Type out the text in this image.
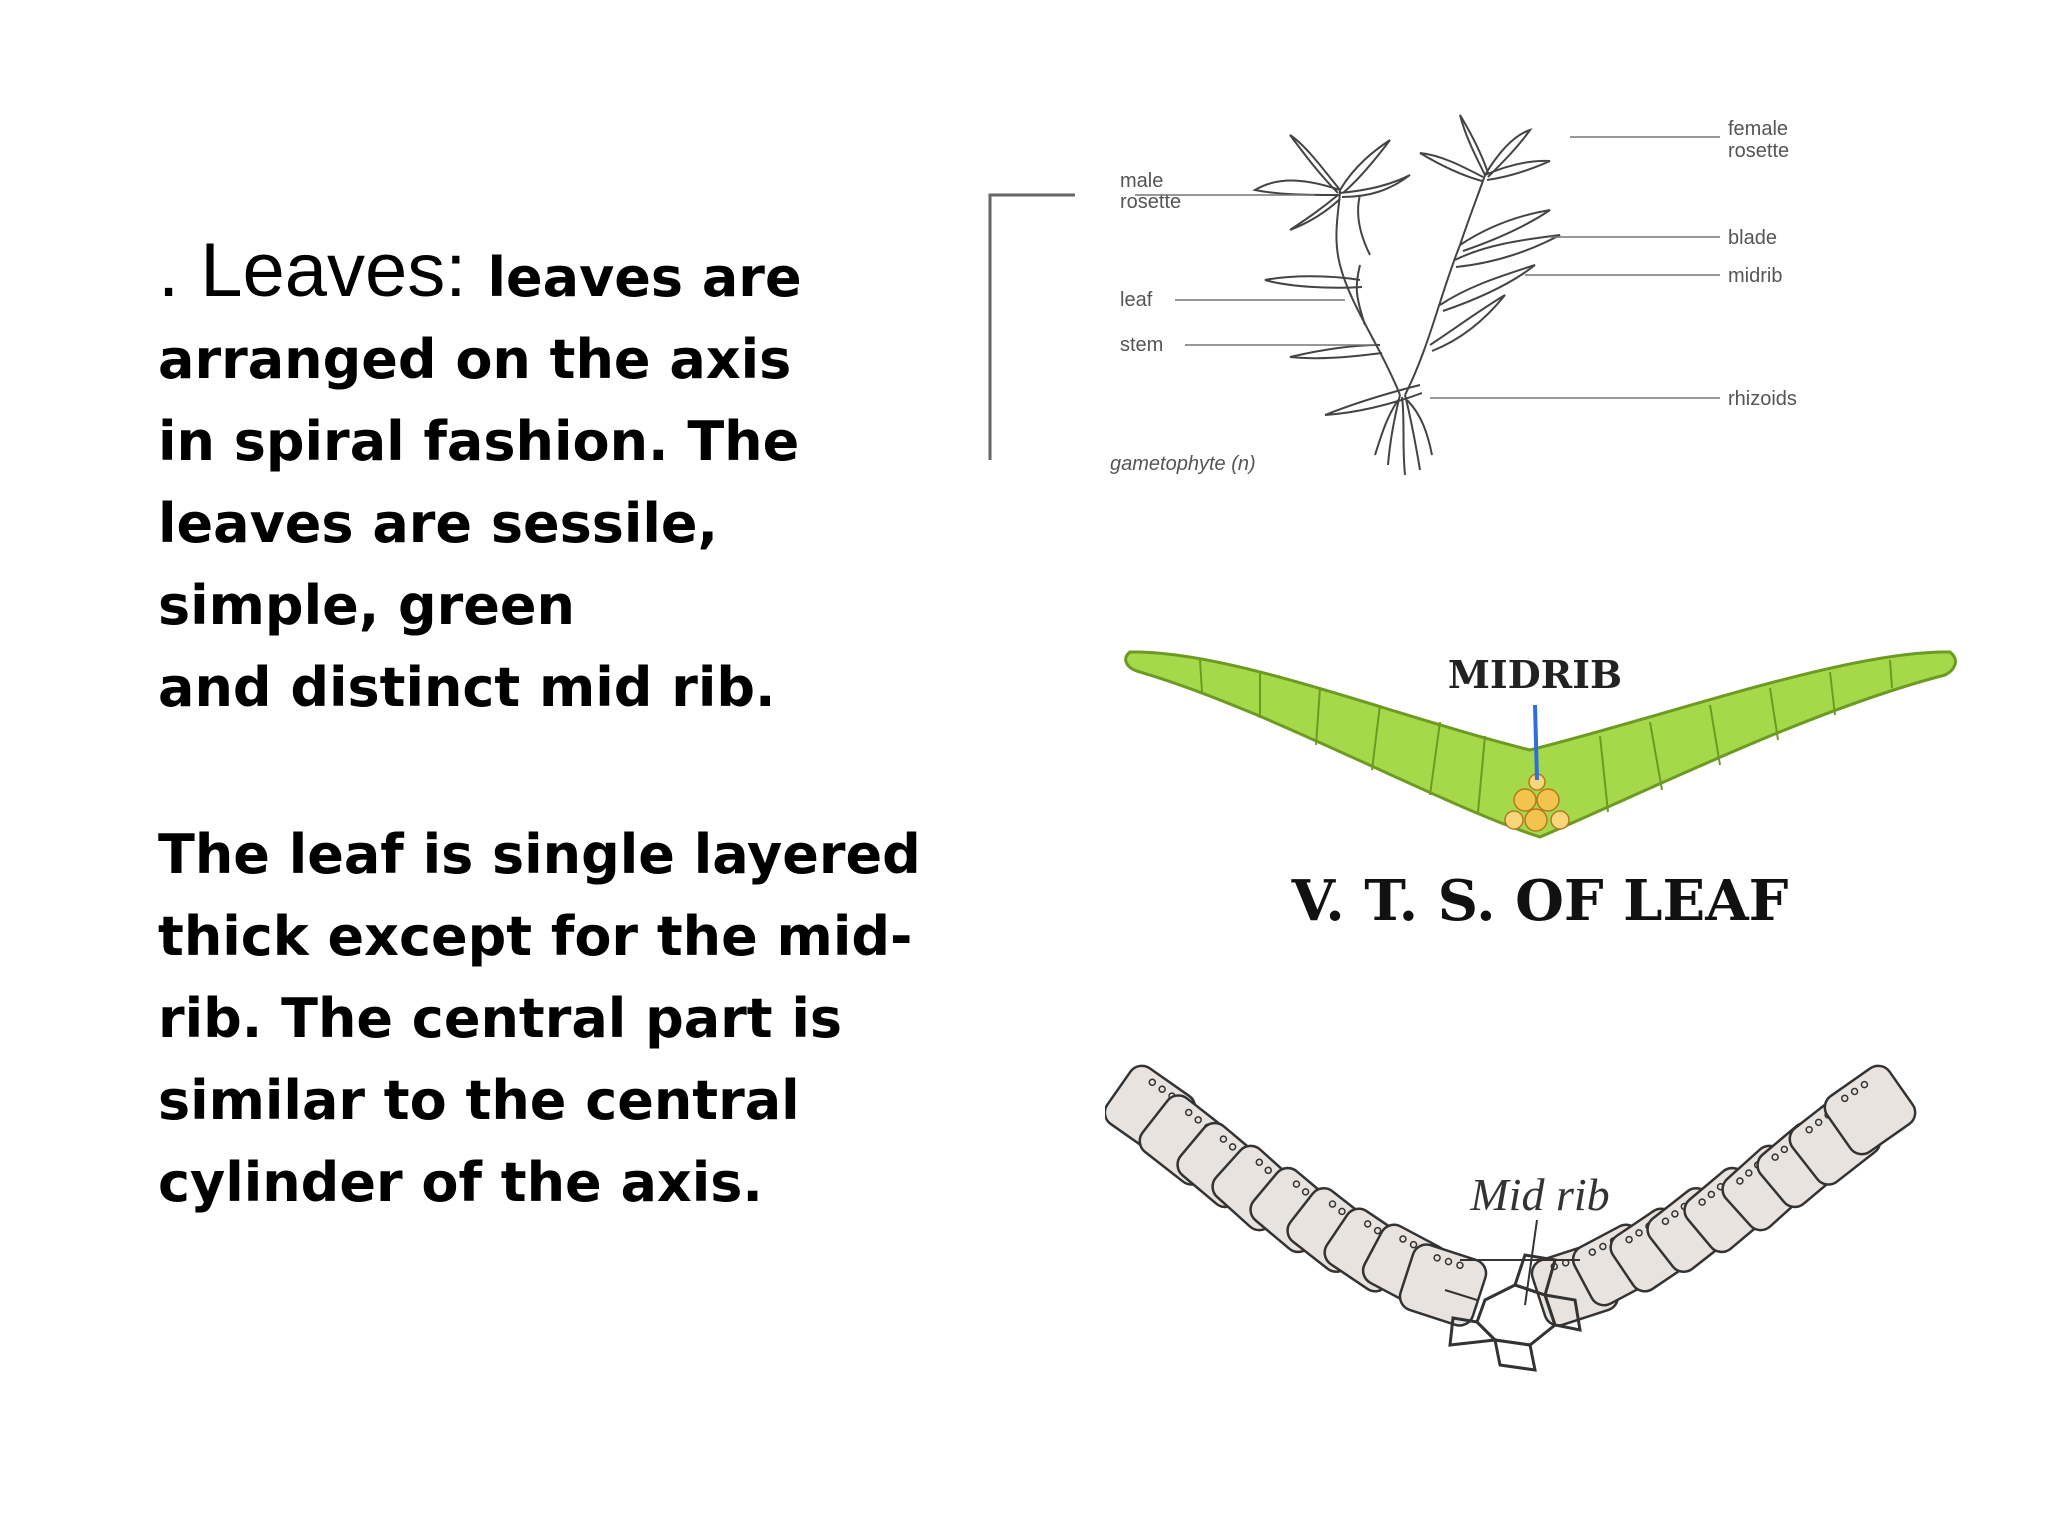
. Leaves: leaves are
arranged on the axis
in spiral fashion. The
leaves are sessile,
simple, green
and distinct mid rib.

The leaf is single layered
thick except for the mid-
rib. The central part is
similar to the central
cylinder of the axis.

male
rosette
leaf
stem
gametophyte (n)
female
rosette
blade
midrib
rhizoids
MIDRIB
V. T. S. OF LEAF
Mid rib
